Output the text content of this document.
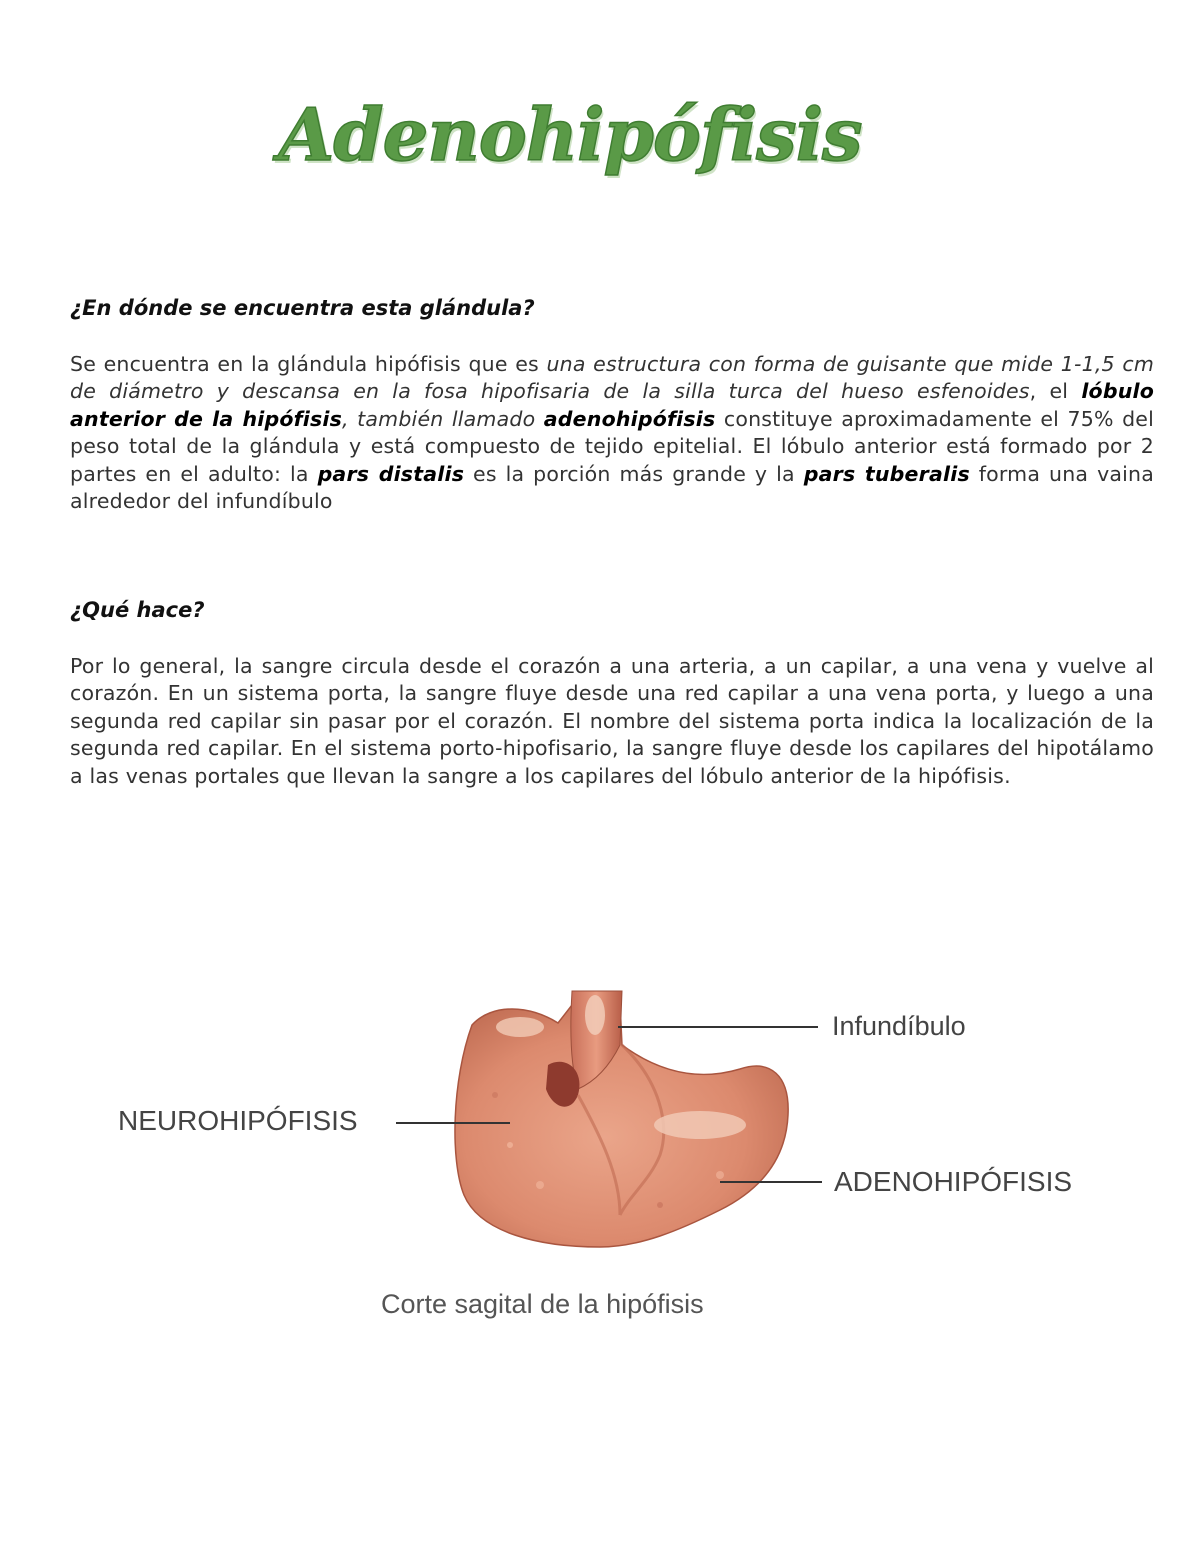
Adenohipófisis
¿En dónde se encuentra esta glándula?
Se encuentra en la glándula hipófisis que es una estructura con forma de guisante que mide 1-1,5 cm de diámetro y descansa en la fosa hipofisaria de la silla turca del hueso esfenoides, el lóbulo anterior de la hipófisis, también llamado adenohipófisis constituye aproximadamente el 75% del peso total de la glándula y está compuesto de tejido epitelial. El lóbulo anterior está formado por 2 partes en el adulto: la pars distalis es la porción más grande y la pars tuberalis forma una vaina alrededor del infundíbulo
¿Qué hace?
Por lo general, la sangre circula desde el corazón a una arteria, a un capilar, a una vena y vuelve al corazón. En un sistema porta, la sangre fluye desde una red capilar a una vena porta, y luego a una segunda red capilar sin pasar por el corazón. El nombre del sistema porta indica la localización de la segunda red capilar. En el sistema porto-hipofisario, la sangre fluye desde los capilares del hipotálamo a las venas portales que llevan la sangre a los capilares del lóbulo anterior de la hipófisis.
Infundíbulo
NEUROHIPÓFISIS
ADENOHIPÓFISIS
Corte sagital de la hipófisis
